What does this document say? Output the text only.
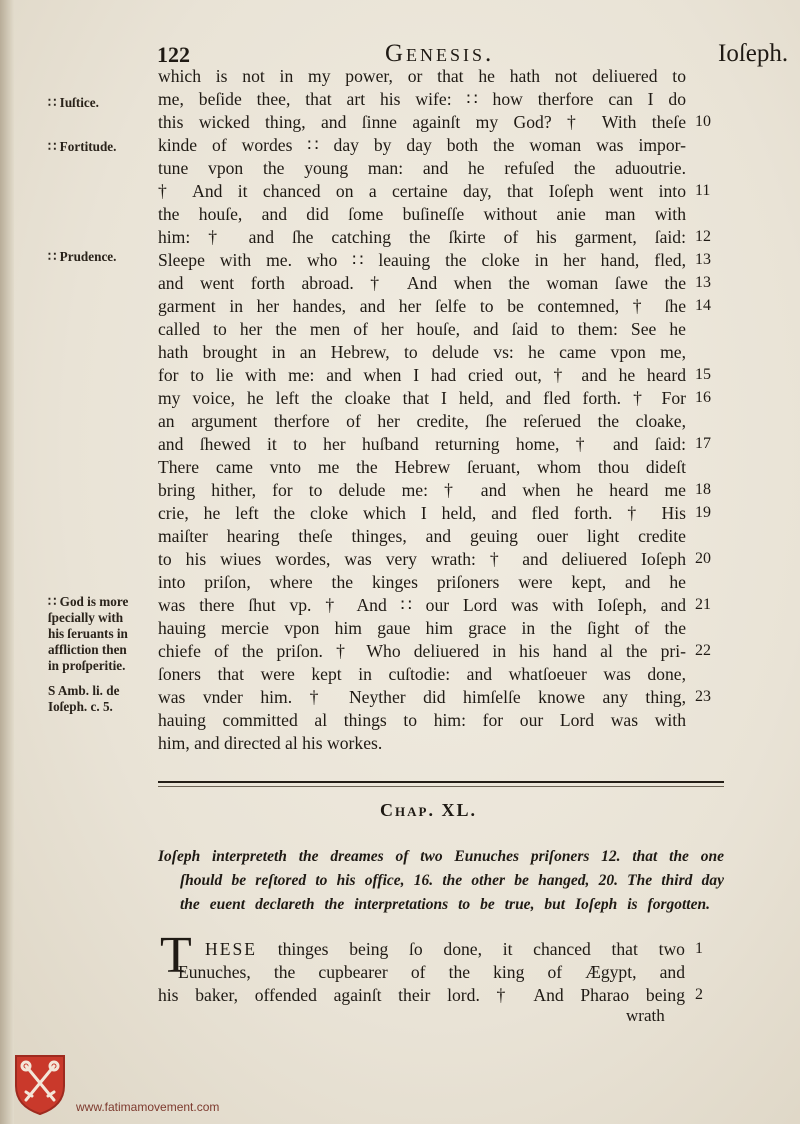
122	Genesis.	Ioſeph.
which is not in my power, or that he hath not deliuered to
me, beſide thee, that art his wife: ∷ how therfore can I do
this wicked thing, and ſinne againſt my God? † With theſe 10
kinde of wordes ∷ day by day both the woman was impor-
tune vpon the young man: and he refuſed the aduoutrie.
† And it chanced on a certaine day, that Ioſeph went into 11
the houſe, and did ſome buſineſſe without anie man with
him: † and ſhe catching the ſkirte of his garment, ſaid: 12
Sleepe with me. who ∷ leauing the cloke in her hand, fled, 13
and went forth abroad. † And when the woman ſawe the 13
garment in her handes, and her ſelfe to be contemned, † ſhe 14
called to her the men of her houſe, and ſaid to them: See he
hath brought in an Hebrew, to delude vs: he came vpon me,
for to lie with me: and when I had cried out, † and he heard 15
my voice, he left the cloake that I held, and fled forth. † For 16
an argument therfore of her credite, ſhe reſerued the cloake,
and ſhewed it to her huſband returning home, † and ſaid: 17
There came vnto me the Hebrew ſeruant, whom thou dideſt
bring hither, for to delude me: † and when he heard me 18
crie, he left the cloke which I held, and fled forth. † His 19
maiſter hearing theſe thinges, and geuing ouer light credite
to his wiues wordes, was very wrath: † and deliuered Ioſeph 20
into priſon, where the kinges priſoners were kept, and he
was there ſhut vp. † And ∷ our Lord was with Ioſeph, and 21
hauing mercie vpon him gaue him grace in the ſight of the
chiefe of the priſon. † Who deliuered in his hand al the pri- 22
ſoners that were kept in cuſtodie: and whatſoeuer was done,
was vnder him. † Neyther did himſelſe knowe any thing, 23
hauing committed al things to him: for our Lord was with
him, and directed al his workes.
∷ Iuſtice.
∷ Fortitude.
∷ Prudence.
∷ God is more
ſpecially with
his ſeruants in
affliction then
in proſperitie.
S Amb. li. de
Ioſeph. c. 5.
Chap. XL.
Ioſeph interpreteth the dreames of two Eunuches priſoners 12. that the one
ſhould be reſtored to his office, 16. the other be hanged, 20. The third day
the euent declareth the interpretations to be true, but Ioſeph is forgotten.
T HESE thinges being ſo done, it chanced that two 1
Eunuches, the cupbearer of the king of Ægypt, and
his baker, offended againſt their lord. † And Pharao being 2
wrath
www.fatimamovement.com
